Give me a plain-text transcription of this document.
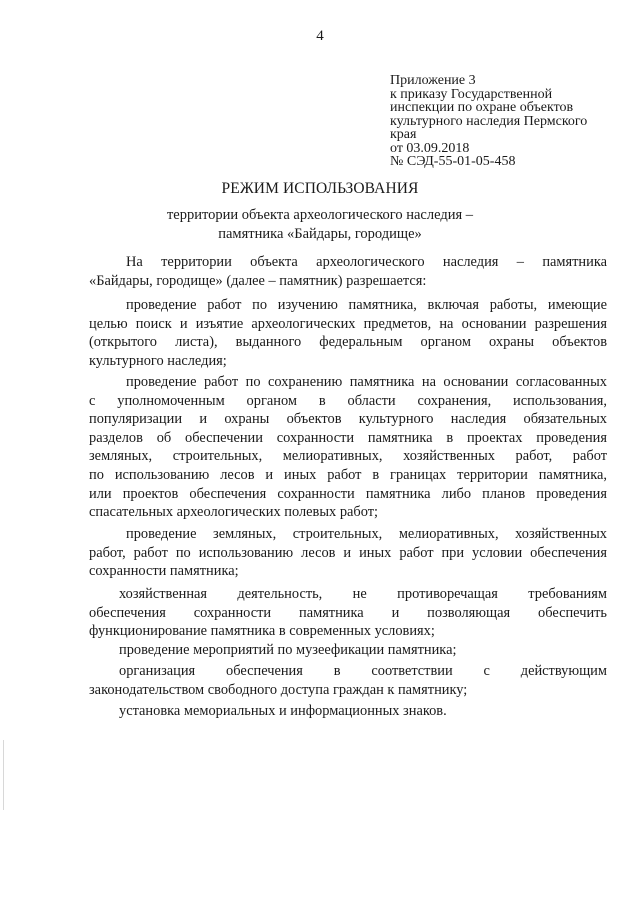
4
Приложение 3
к приказу Государственной
инспекции по охране объектов
культурного наследия Пермского
края
от 03.09.2018
№ СЭД-55-01-05-458
РЕЖИМ ИСПОЛЬЗОВАНИЯ
территории объекта археологического наследия –
памятника «Байдары, городище»
На территории объекта археологического наследия – памятника
«Байдары, городище» (далее – памятник) разрешается:
проведение работ по изучению памятника, включая работы, имеющие
целью поиск и изъятие археологических предметов, на основании разрешения
(открытого листа), выданного федеральным органом охраны объектов
культурного наследия;
проведение работ по сохранению памятника на основании согласованных
с уполномоченным органом в области сохранения, использования,
популяризации и охраны объектов культурного наследия обязательных
разделов об обеспечении сохранности памятника в проектах проведения
земляных, строительных, мелиоративных, хозяйственных работ, работ
по использованию лесов и иных работ в границах территории памятника,
или проектов обеспечения сохранности памятника либо планов проведения
спасательных археологических полевых работ;
проведение земляных, строительных, мелиоративных, хозяйственных
работ, работ по использованию лесов и иных работ при условии обеспечения
сохранности памятника;
хозяйственная деятельность, не противоречащая требованиям
обеспечения сохранности памятника и позволяющая обеспечить
функционирование памятника в современных условиях;
проведение мероприятий по музеефикации памятника;
организация обеспечения в соответствии с действующим
законодательством свободного доступа граждан к памятнику;
установка мемориальных и информационных знаков.
